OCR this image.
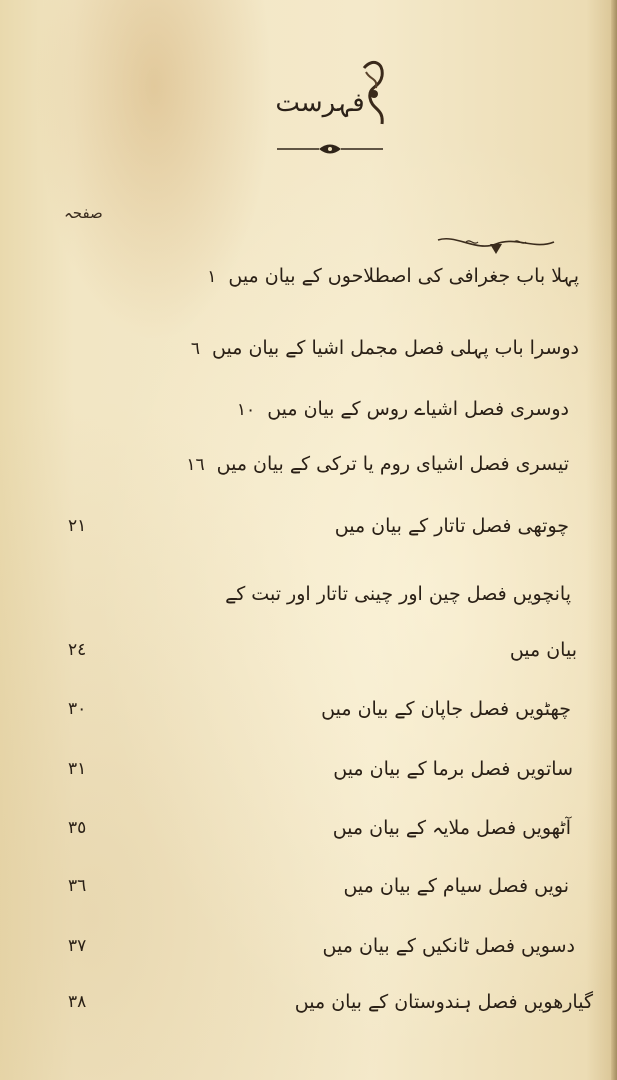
فہرست
صفحہ
پہلا باب جغرافی کی اصطلاحوں کے بیان میں١
دوسرا باب پہلی فصل مجمل اشیا کے بیان میں٦
دوسری فصل اشیاے روس کے بیان میں١٠
تیسری فصل اشیای روم یا ترکی کے بیان میں١٦
چوتھی فصل تاتار کے بیان میں
٢١
پانچویں فصل چین اور چینی تاتار اور تبت کے
بیان میں
٢٤
چھٹویں فصل جاپان کے بیان میں
٣٠
ساتویں فصل برما کے بیان میں
٣١
آٹھویں فصل ملایہ کے بیان میں
٣٥
نویں فصل سیام کے بیان میں
٣٦
دسویں فصل ٹانکیں کے بیان میں
٣٧
گیارھویں فصل ہندوستان کے بیان میں
٣٨
